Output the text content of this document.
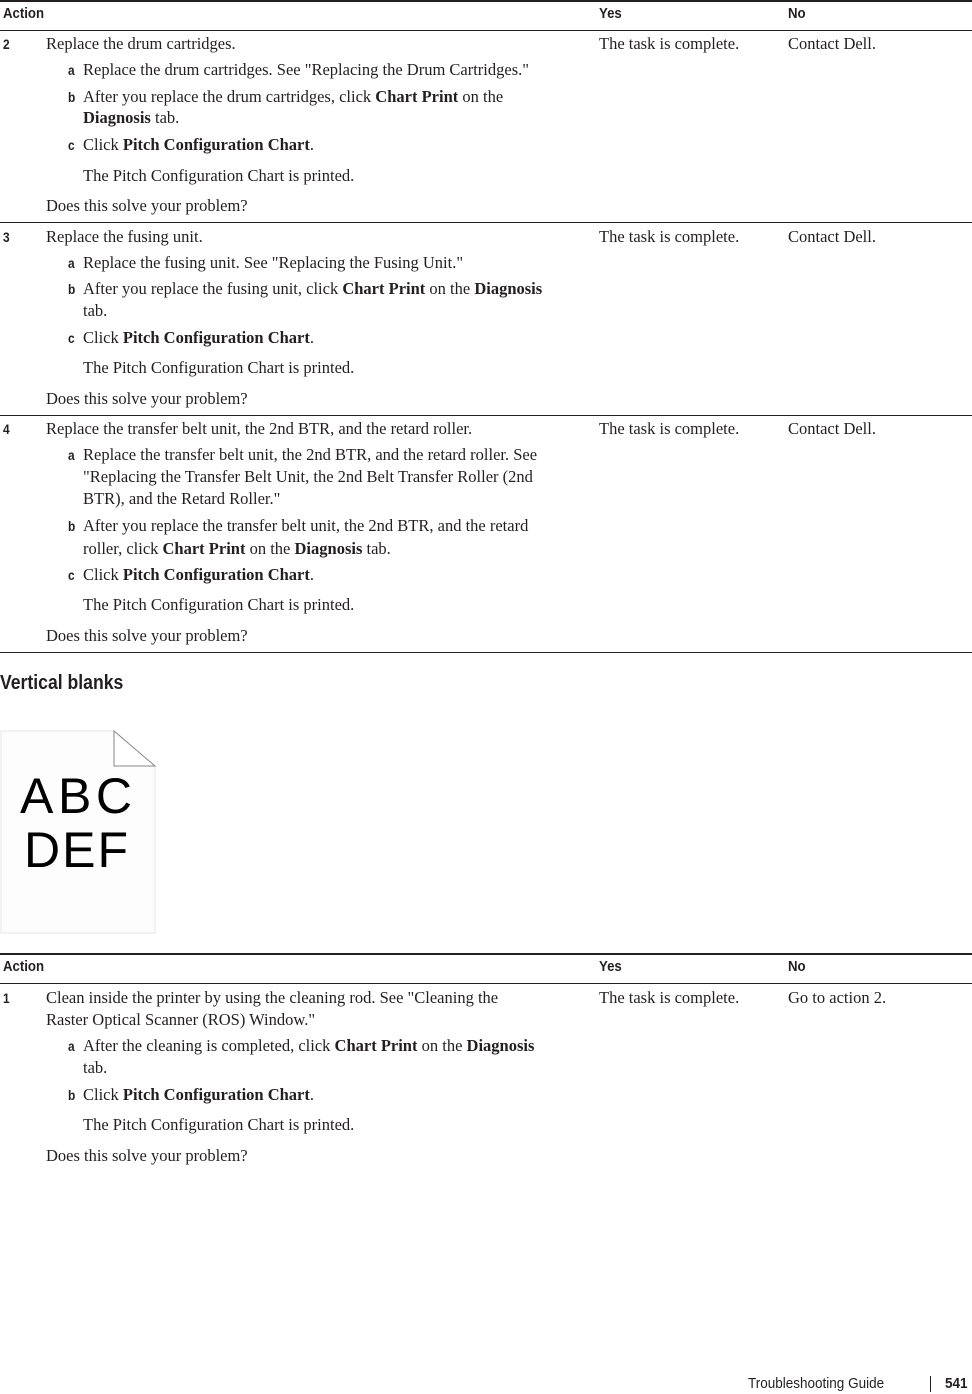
Action	Yes	No
2 Replace the drum cartridges.
a Replace the drum cartridges. See "Replacing the Drum Cartridges."
b After you replace the drum cartridges, click Chart Print on the
Diagnosis tab.
c Click Pitch Configuration Chart.
The Pitch Configuration Chart is printed.
Does this solve your problem?
The task is complete.	Contact Dell.
3 Replace the fusing unit.
a Replace the fusing unit. See "Replacing the Fusing Unit."
b After you replace the fusing unit, click Chart Print on the Diagnosis
tab.
c Click Pitch Configuration Chart.
The Pitch Configuration Chart is printed.
Does this solve your problem?
The task is complete.	Contact Dell.
4 Replace the transfer belt unit, the 2nd BTR, and the retard roller.
a Replace the transfer belt unit, the 2nd BTR, and the retard roller. See
"Replacing the Transfer Belt Unit, the 2nd Belt Transfer Roller (2nd
BTR), and the Retard Roller."
b After you replace the transfer belt unit, the 2nd BTR, and the retard
roller, click Chart Print on the Diagnosis tab.
c Click Pitch Configuration Chart.
The Pitch Configuration Chart is printed.
Does this solve your problem?
The task is complete.	Contact Dell.
Vertical blanks
ABC
DEF
Action	Yes	No
1 Clean inside the printer by using the cleaning rod. See "Cleaning the
Raster Optical Scanner (ROS) Window."
a After the cleaning is completed, click Chart Print on the Diagnosis
tab.
b Click Pitch Configuration Chart.
The Pitch Configuration Chart is printed.
Does this solve your problem?
The task is complete.	Go to action 2.
Troubleshooting Guide	541
